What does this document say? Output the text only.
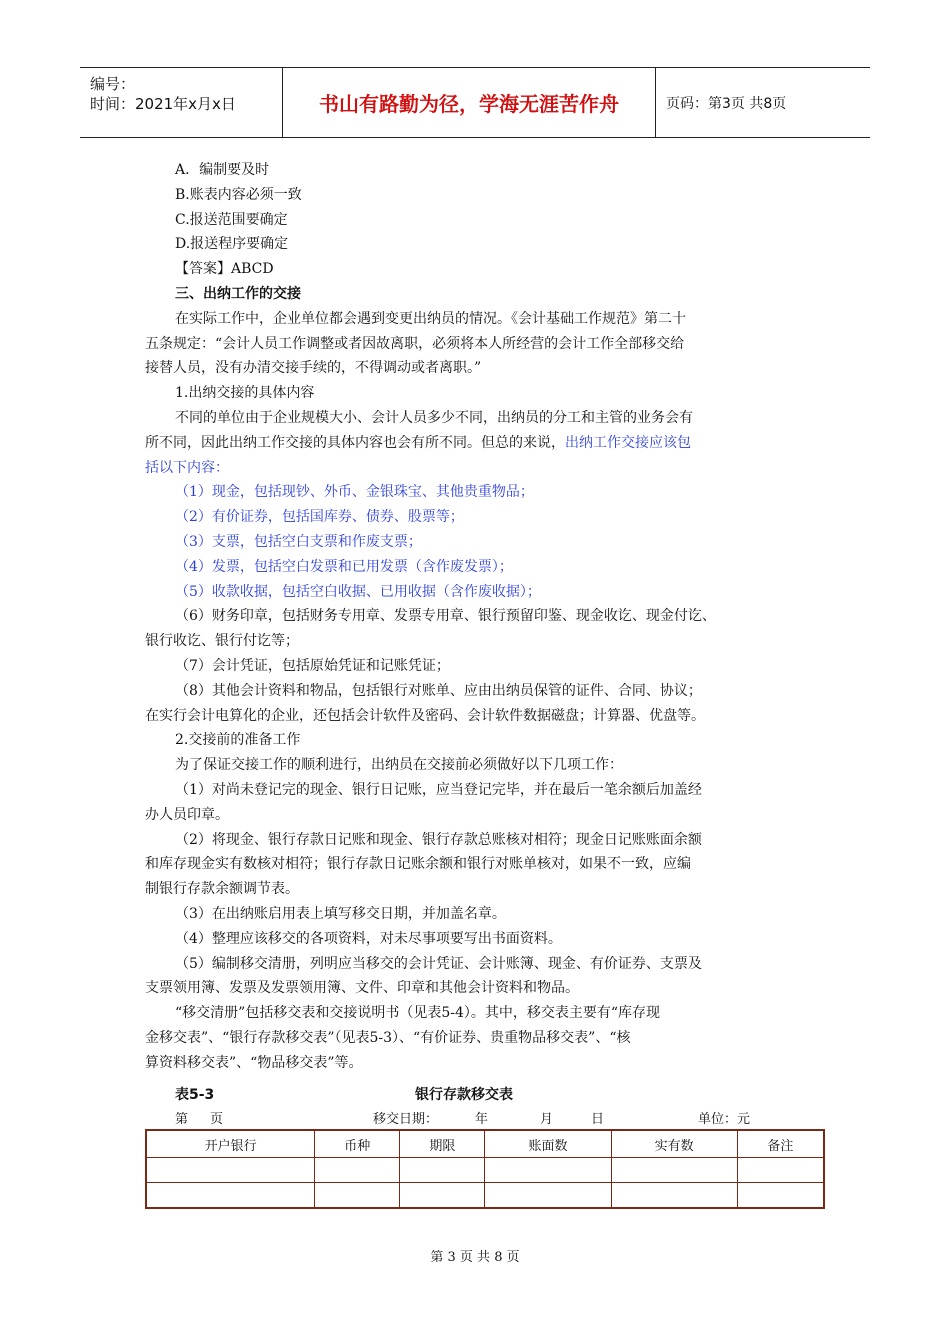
编号：
时间：2021年x月x日	书山有路勤为径，学海无涯苦作舟	页码：第3页 共8页
A．编制要及时
B.账表内容必须一致
C.报送范围要确定
D.报送程序要确定
【答案】ABCD
三、出纳工作的交接
在实际工作中，企业单位都会遇到变更出纳员的情况。《会计基础工作规范》第二十
五条规定：“会计人员工作调整或者因故离职，必须将本人所经营的会计工作全部移交给
接替人员，没有办清交接手续的，不得调动或者离职。”
1.出纳交接的具体内容
不同的单位由于企业规模大小、会计人员多少不同，出纳员的分工和主管的业务会有
所不同，因此出纳工作交接的具体内容也会有所不同。但总的来说，出纳工作交接应该包
括以下内容：
（1）现金，包括现钞、外币、金银珠宝、其他贵重物品；
（2）有价证券，包括国库券、债券、股票等；
（3）支票，包括空白支票和作废支票；
（4）发票，包括空白发票和已用发票（含作废发票）；
（5）收款收据，包括空白收据、已用收据（含作废收据）；
（6）财务印章，包括财务专用章、发票专用章、银行预留印鉴、现金收讫、现金付讫、
银行收讫、银行付讫等；
（7）会计凭证，包括原始凭证和记账凭证；
（8）其他会计资料和物品，包括银行对账单、应由出纳员保管的证件、合同、协议；
在实行会计电算化的企业，还包括会计软件及密码、会计软件数据磁盘；计算器、优盘等。
2.交接前的准备工作
为了保证交接工作的顺利进行，出纳员在交接前必须做好以下几项工作：
（1）对尚未登记完的现金、银行日记账，应当登记完毕，并在最后一笔余额后加盖经
办人员印章。
（2）将现金、银行存款日记账和现金、银行存款总账核对相符；现金日记账账面余额
和库存现金实有数核对相符；银行存款日记账余额和银行对账单核对，如果不一致，应编
制银行存款余额调节表。
（3）在出纳账启用表上填写移交日期，并加盖名章。
（4）整理应该移交的各项资料，对未尽事项要写出书面资料。
（5）编制移交清册，列明应当移交的会计凭证、会计账簿、现金、有价证券、支票及
支票领用簿、发票及发票领用簿、文件、印章和其他会计资料和物品。
“移交清册”包括移交表和交接说明书（见表5-4）。其中，移交表主要有“库存现
金移交表”、“银行存款移交表”（见表5-3）、“有价证券、贵重物品移交表”、“核
算资料移交表”、“物品移交表”等。
表5-3	银行存款移交表
第 页	移交日期：	年	月	日	单位：元
开户银行	币种	期限	账面数	实有数	备注

第 3 页 共 8 页
